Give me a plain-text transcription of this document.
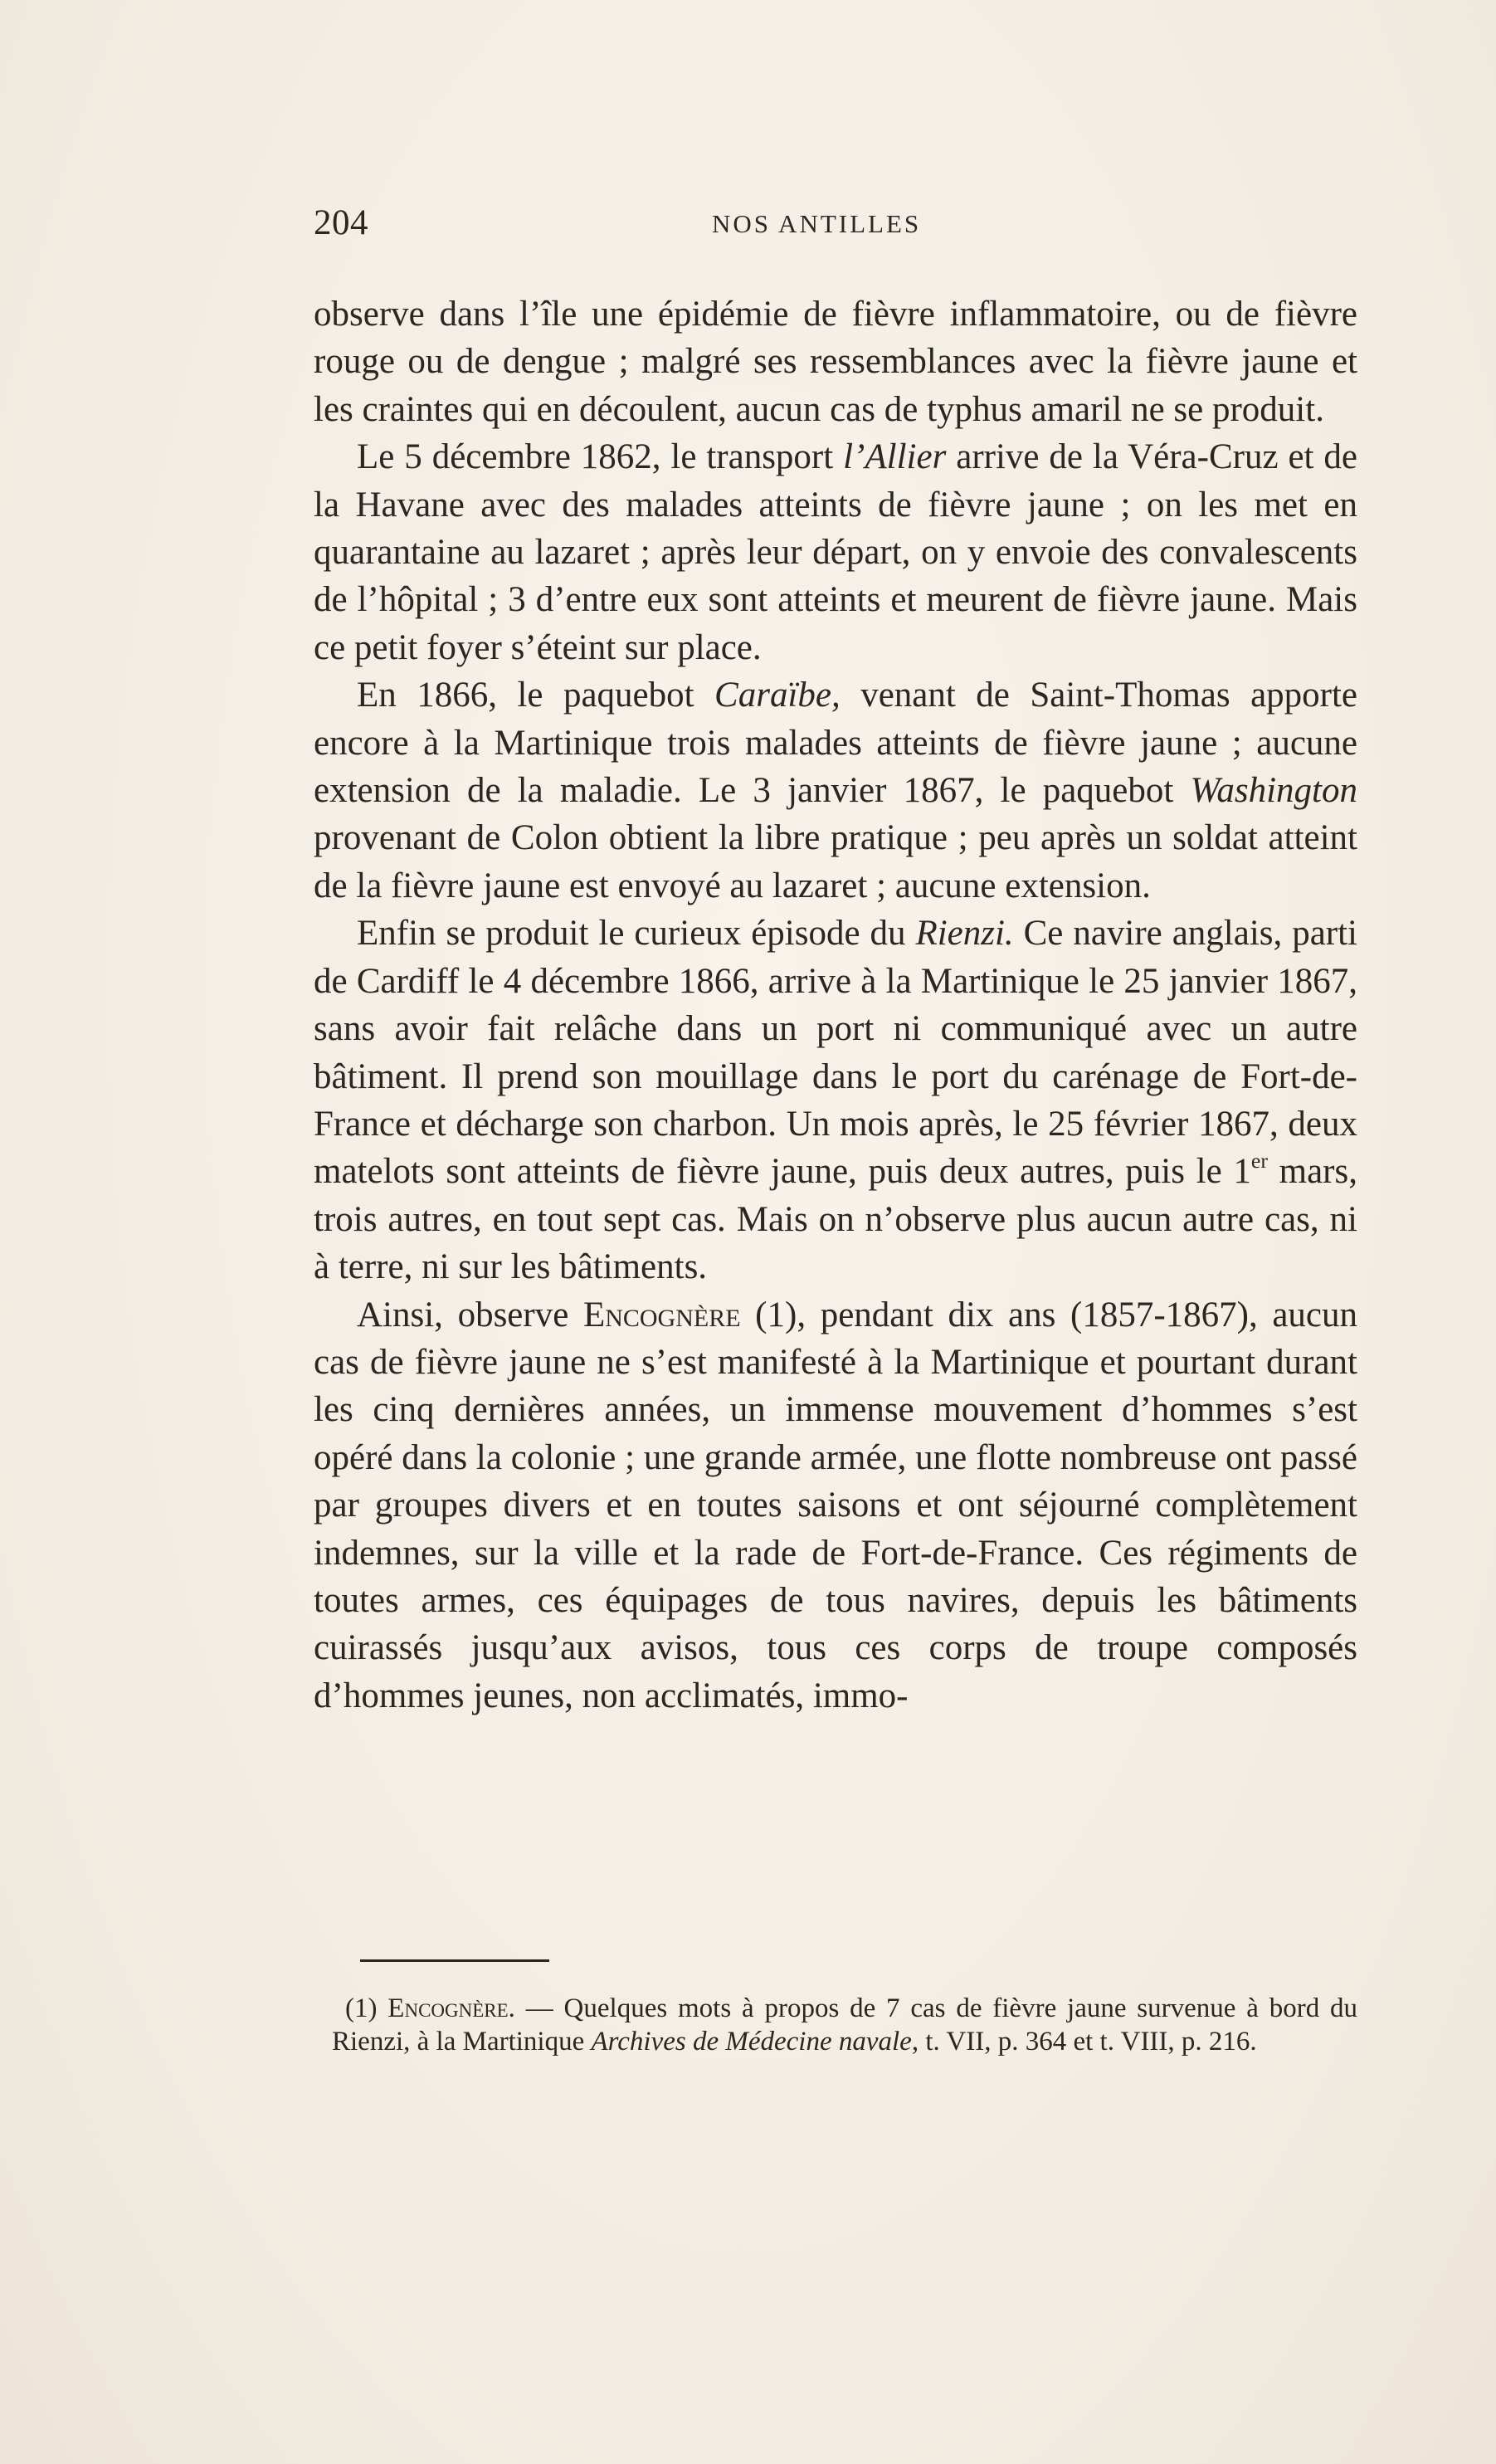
204	NOS ANTILLES

observe dans l’île une épidémie de fièvre inflammatoire, ou de fièvre rouge ou de dengue ; malgré ses ressemblances avec la fièvre jaune et les craintes qui en découlent, aucun cas de typhus amaril ne se produit.

Le 5 décembre 1862, le transport l’Allier arrive de la Véra-Cruz et de la Havane avec des malades atteints de fièvre jaune ; on les met en quarantaine au lazaret ; après leur départ, on y envoie des convalescents de l’hôpital ; 3 d’entre eux sont atteints et meurent de fièvre jaune. Mais ce petit foyer s’éteint sur place.

En 1866, le paquebot Caraïbe, venant de Saint-Thomas apporte encore à la Martinique trois malades atteints de fièvre jaune ; aucune extension de la maladie. Le 3 janvier 1867, le paquebot Washington provenant de Colon obtient la libre pratique ; peu après un soldat atteint de la fièvre jaune est envoyé au lazaret ; aucune extension.

Enfin se produit le curieux épisode du Rienzi. Ce navire anglais, parti de Cardiff le 4 décembre 1866, arrive à la Martinique le 25 janvier 1867, sans avoir fait relâche dans un port ni communiqué avec un autre bâtiment. Il prend son mouillage dans le port du carénage de Fort-de-France et décharge son charbon. Un mois après, le 25 février 1867, deux matelots sont atteints de fièvre jaune, puis deux autres, puis le 1er mars, trois autres, en tout sept cas. Mais on n’observe plus aucun autre cas, ni à terre, ni sur les bâtiments.

Ainsi, observe Encognère (1), pendant dix ans (1857-1867), aucun cas de fièvre jaune ne s’est manifesté à la Martinique et pourtant durant les cinq dernières années, un immense mouvement d’hommes s’est opéré dans la colonie ; une grande armée, une flotte nombreuse ont passé par groupes divers et en toutes saisons et ont séjourné complètement indemnes, sur la ville et la rade de Fort-de-France. Ces régiments de toutes armes, ces équipages de tous navires, depuis les bâtiments cuirassés jusqu’aux avisos, tous ces corps de troupe composés d’hommes jeunes, non acclimatés, immo-

(1) Encognère. — Quelques mots à propos de 7 cas de fièvre jaune survenue à bord du Rienzi, à la Martinique Archives de Médecine navale, t. VII, p. 364 et t. VIII, p. 216.
